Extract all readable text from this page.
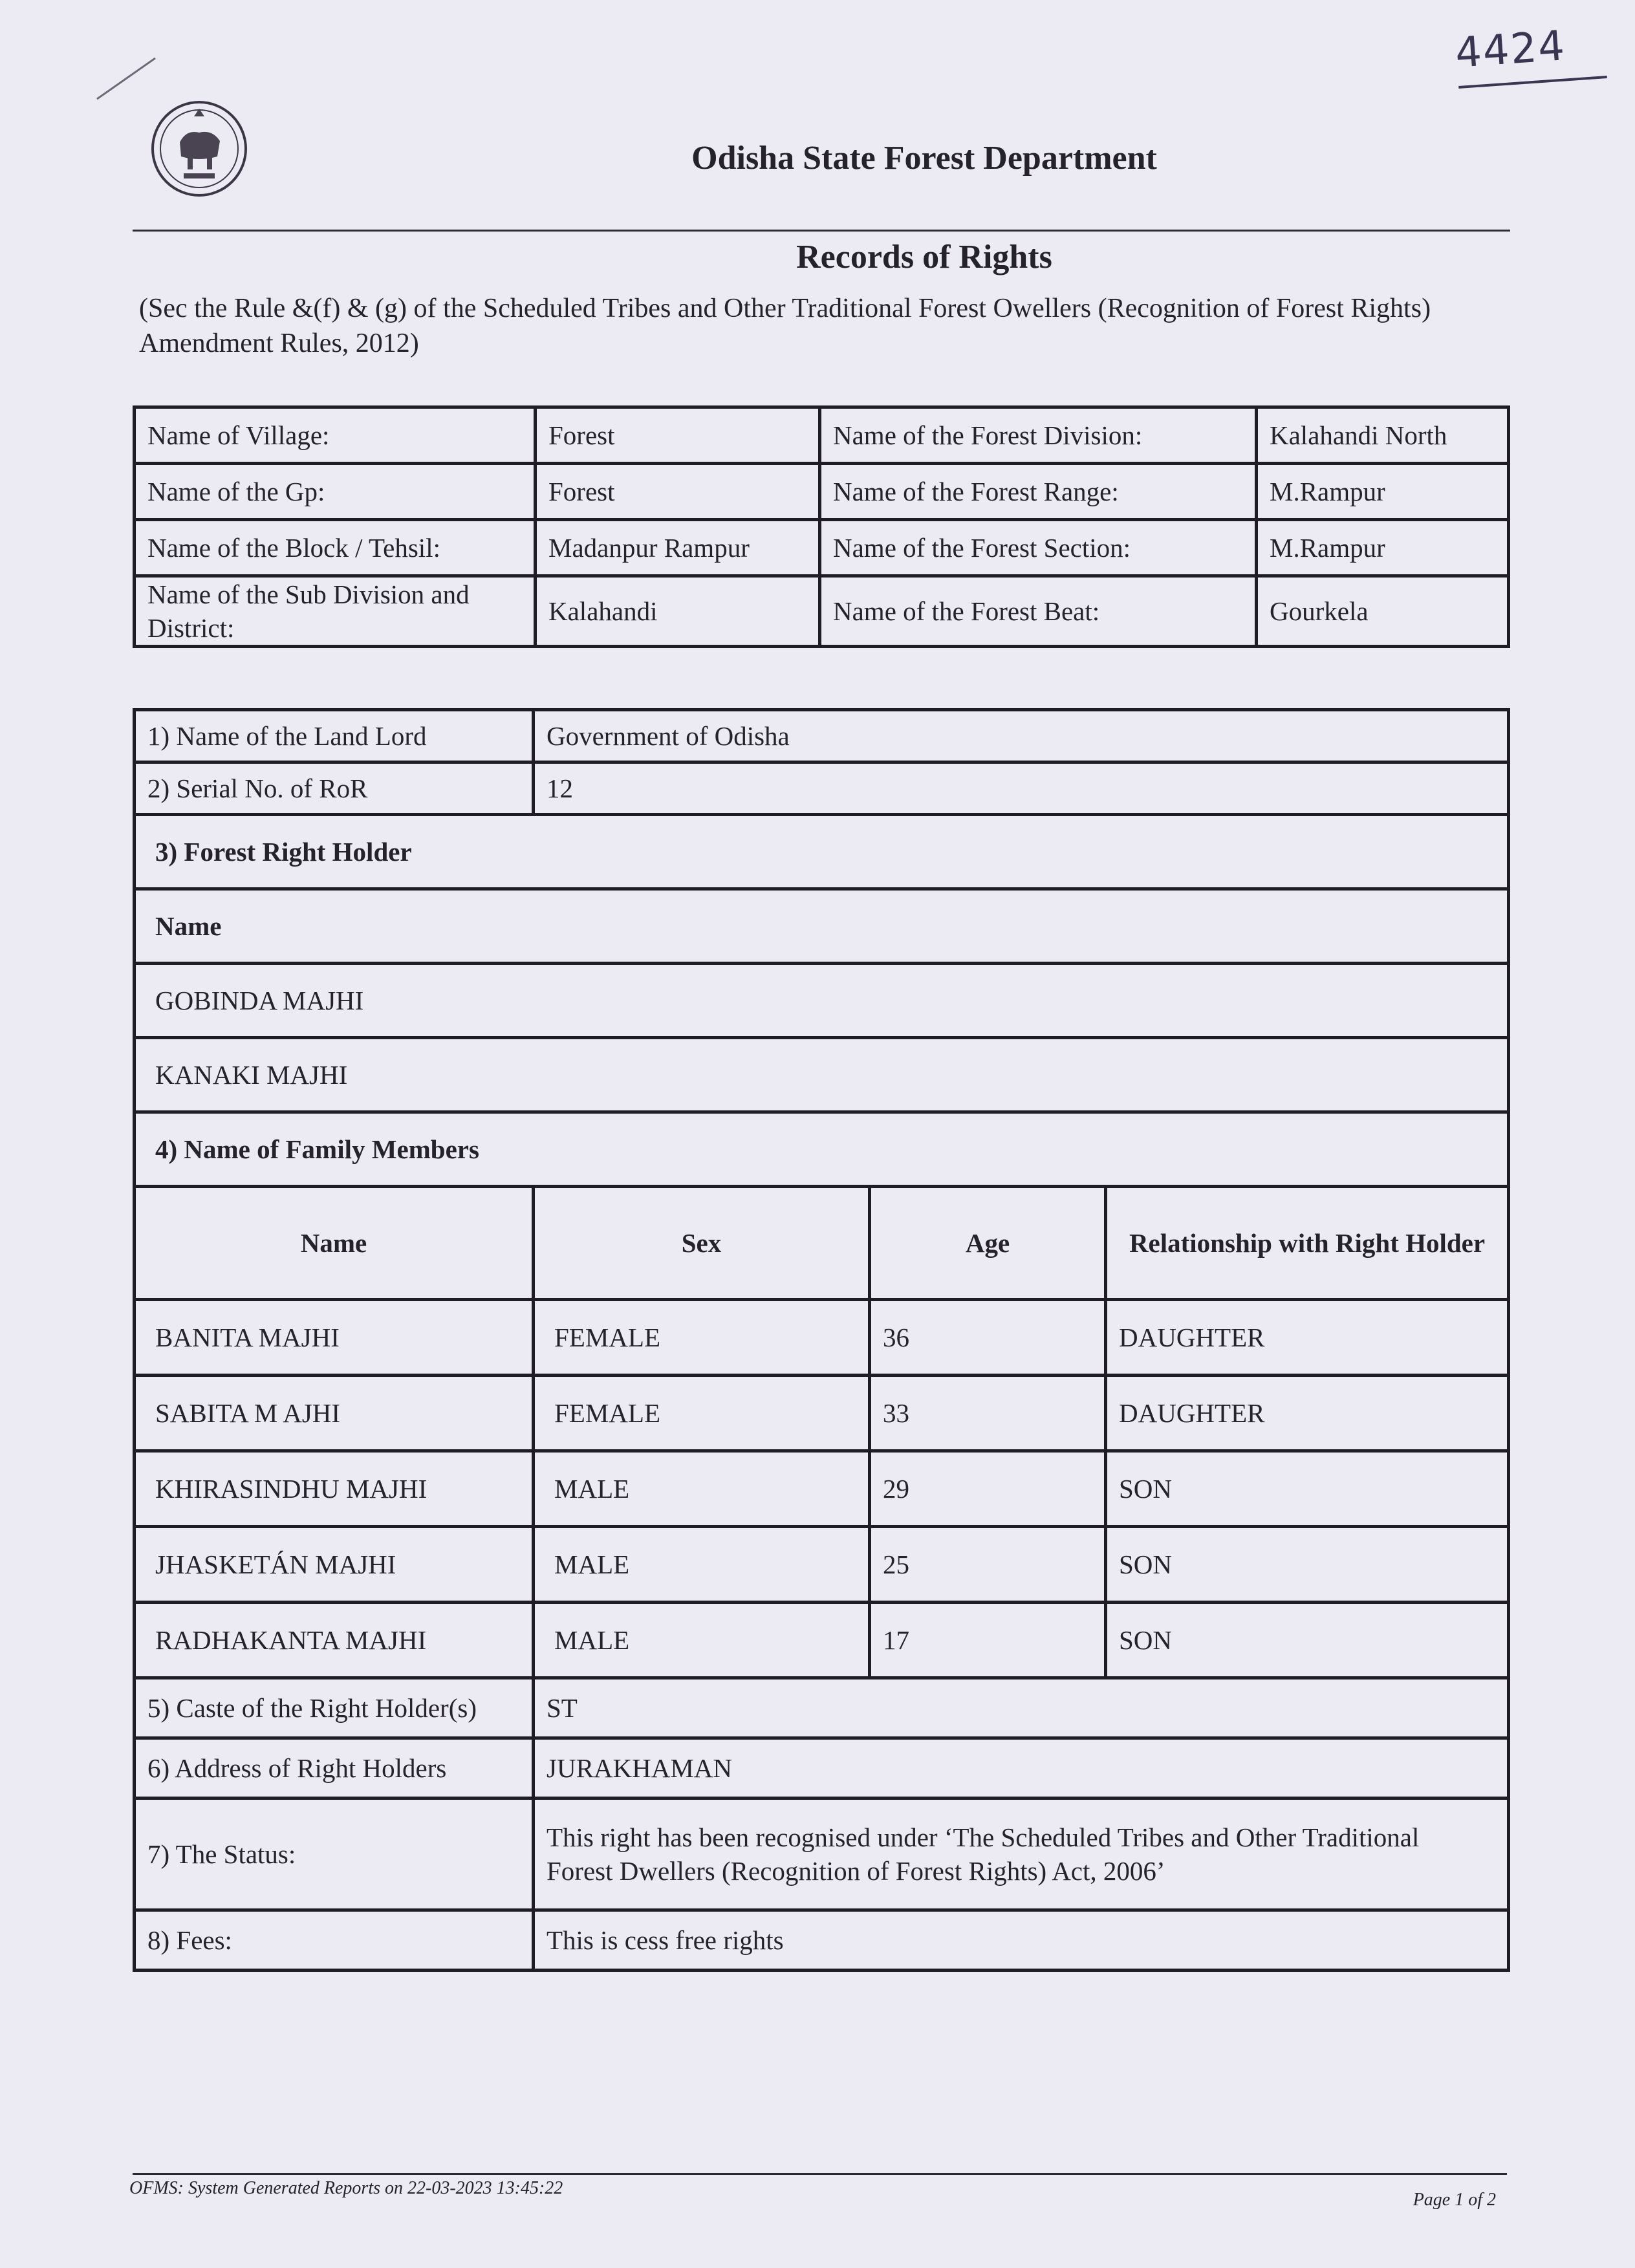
4424
Odisha State Forest Department
Records of Rights
(Sec the Rule &(f) & (g) of the Scheduled Tribes and Other Traditional Forest Owellers (Recognition of Forest Rights) Amendment Rules, 2012)
Name of Village:	Forest	Name of the Forest Division:	Kalahandi North
Name of the Gp:	Forest	Name of the Forest Range:	M.Rampur
Name of the Block / Tehsil:	Madanpur Rampur	Name of the Forest Section:	M.Rampur
Name of the Sub Division and District:	Kalahandi	Name of the Forest Beat:	Gourkela
1) Name of the Land Lord	Government of Odisha		
2) Serial No. of RoR	12		
3) Forest Right Holder			
Name			
GOBINDA MAJHI			
KANAKI MAJHI			
4) Name of Family Members			
Name	Sex	Age	Relationship with Right Holder
BANITA MAJHI	FEMALE	36	DAUGHTER
SABITA M AJHI	FEMALE	33	DAUGHTER
KHIRASINDHU MAJHI	MALE	29	SON
JHASKETÁN MAJHI	MALE	25	SON
RADHAKANTA MAJHI	MALE	17	SON
5) Caste of the Right Holder(s)	ST		
6) Address of Right Holders	JURAKHAMAN		
7) The Status:	This right has been recognised under ‘The Scheduled Tribes and Other Traditional
Forest Dwellers (Recognition of Forest Rights) Act, 2006’		

8) Fees:	This is cess free rights		
OFMS: System Generated Reports on 22-03-2023 13:45:22
Page 1 of 2
